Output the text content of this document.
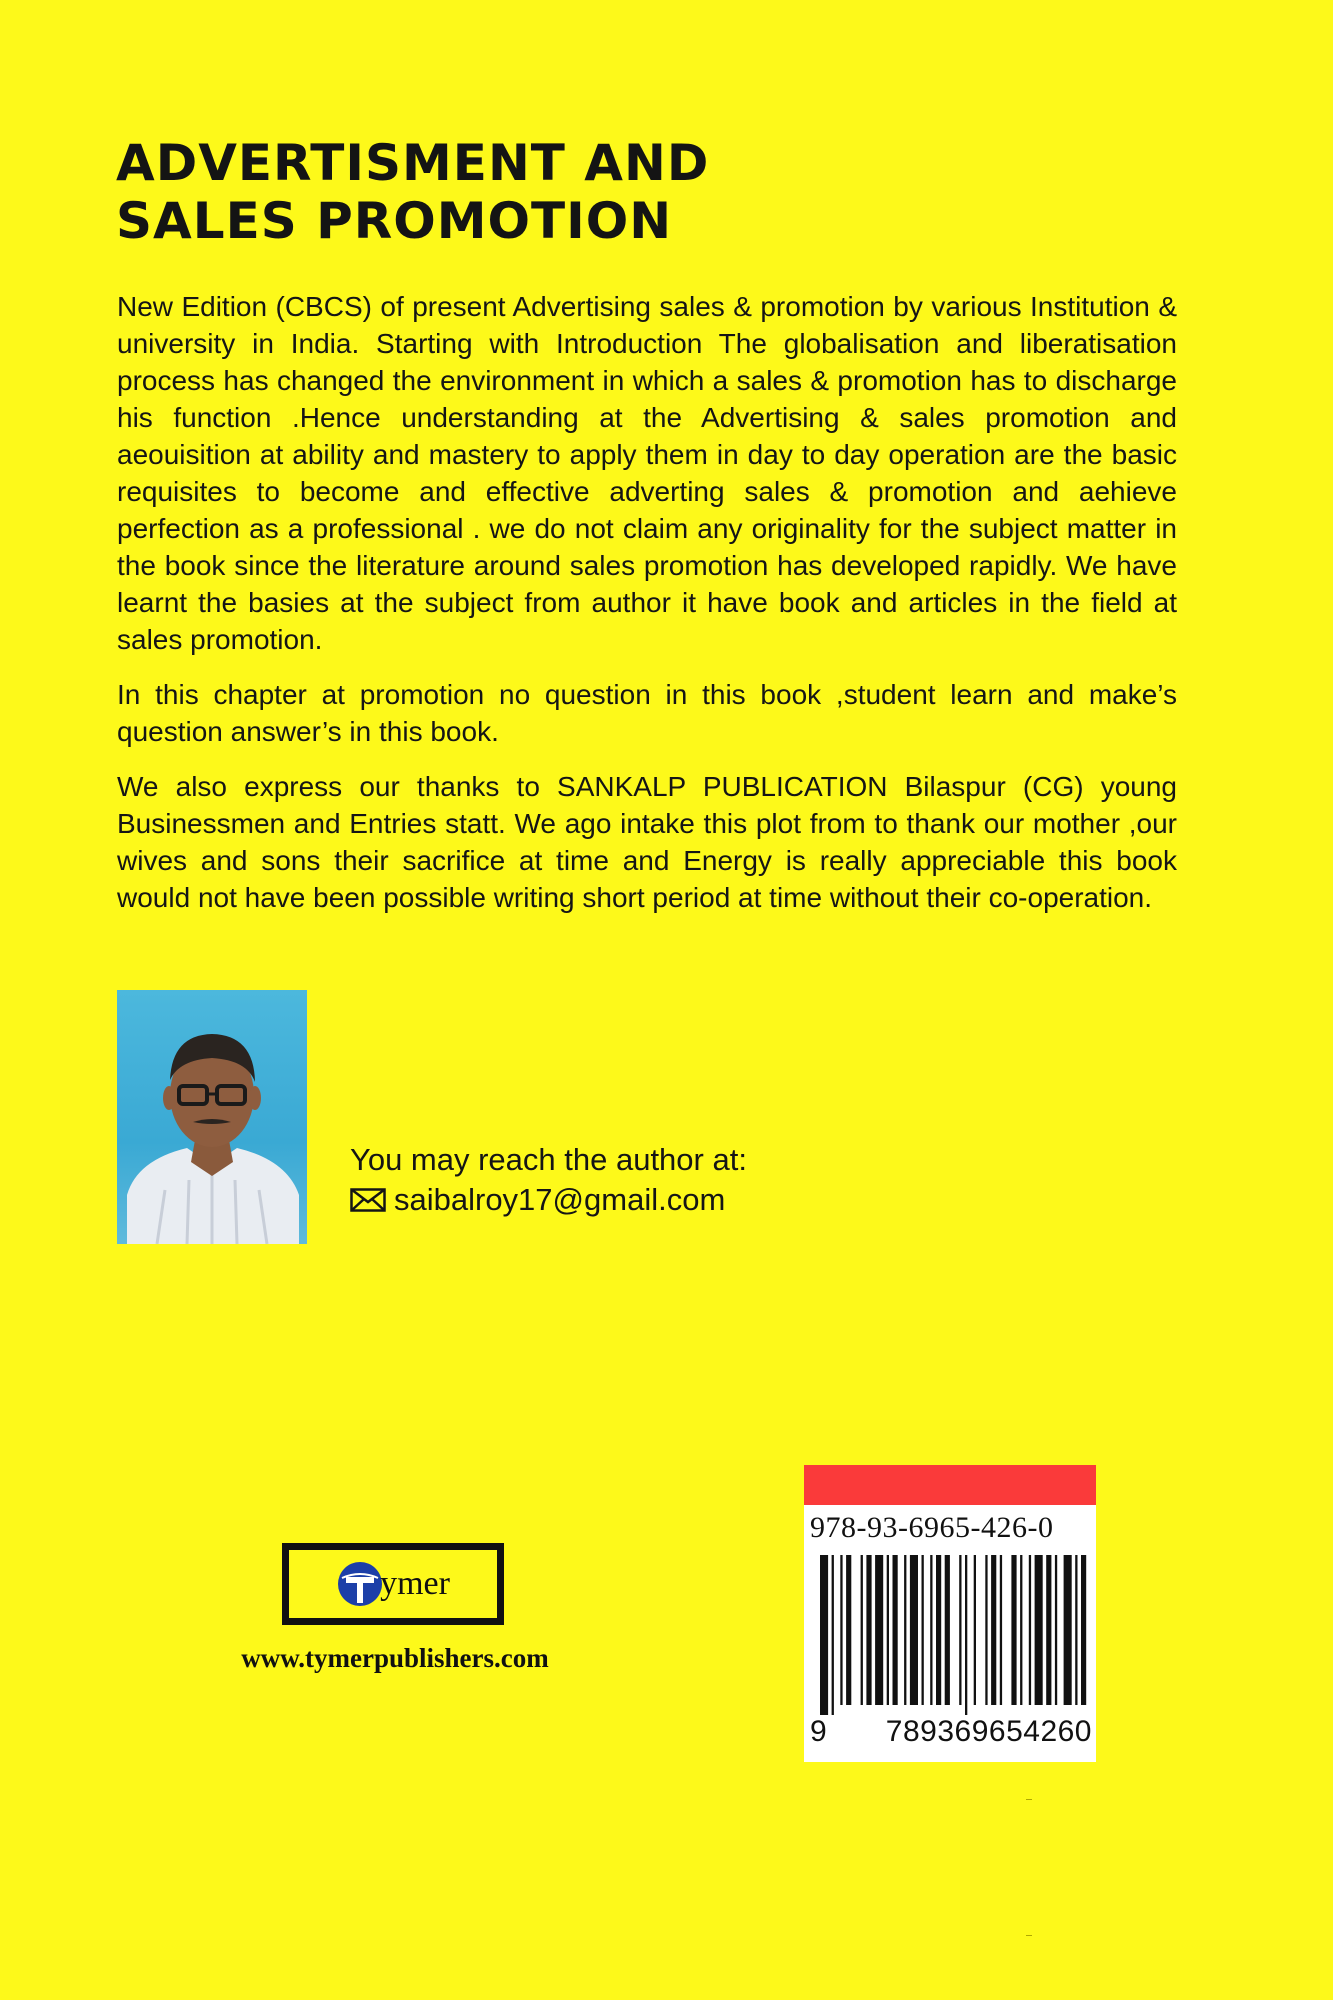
ADVERTISMENT AND
SALES PROMOTION

New Edition (CBCS) of present Advertising sales & promotion by various Institution & university in India. Starting with Introduction The globalisation and liberatisation process has changed the environment in which a sales & promotion has to discharge his function .Hence understanding at the Advertising & sales promotion and aeouisition at ability and mastery to apply them in day to day operation are the basic requisites to become and effective adverting sales & promotion and aehieve perfection as a professional . we do not claim any originality for the subject matter in the book since the literature around sales promotion has developed rapidly. We have learnt the basies at the subject from author it have book and articles in the field at sales promotion.

In this chapter at promotion no question in this book ,student learn and make’s question answer’s in this book.

We also express our thanks to SANKALP PUBLICATION Bilaspur (CG) young Businessmen and Entries statt. We ago intake this plot from to thank our mother ,our wives and sons their sacrifice at time and Energy is really appreciable this book would not have been possible writing short period at time without their co-operation.

You may reach the author at:
saibalroy17@gmail.com
ymer
www.tymerpublishers.com
978-93-6965-426-0
9 789369654260
